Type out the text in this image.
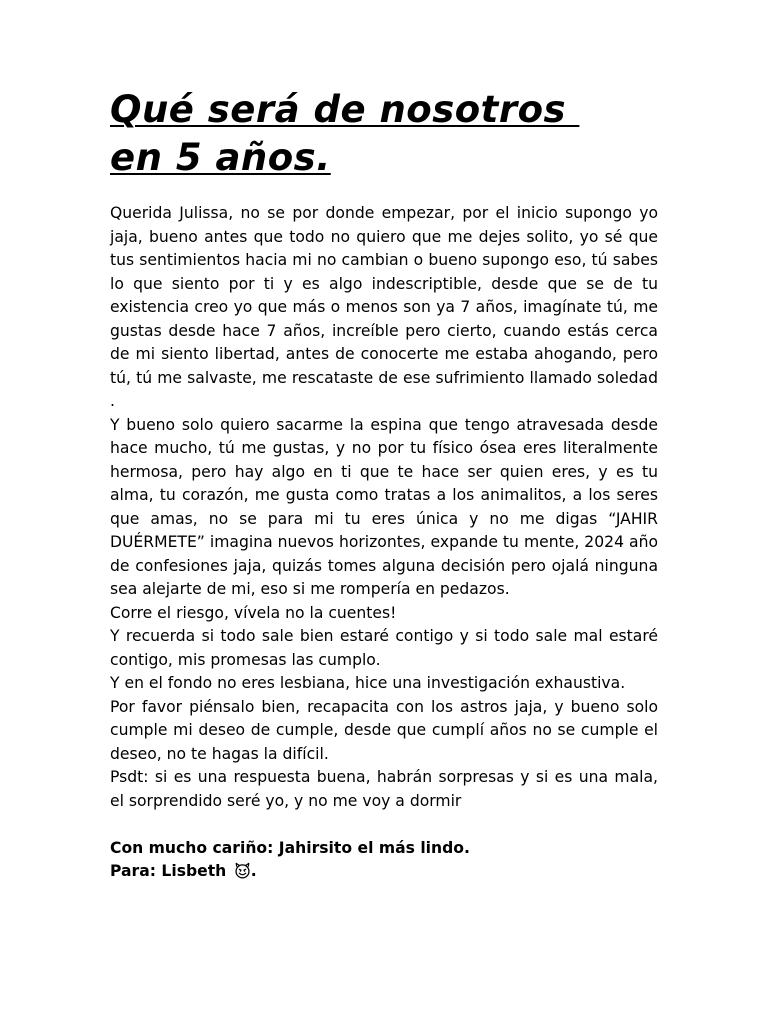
Qué será de nosotros
en 5 años.

Querida Julissa, no se por donde empezar, por el inicio supongo yo jaja, bueno antes que todo no quiero que me dejes solito, yo sé que tus sentimientos hacia mi no cambian o bueno supongo eso, tú sabes lo que siento por ti y es algo indescriptible, desde que se de tu existencia creo yo que más o menos son ya 7 años, imagínate tú, me gustas desde hace 7 años, increíble pero cierto, cuando estás cerca de mi siento libertad, antes de conocerte me estaba ahogando, pero tú, tú me salvaste, me rescataste de ese sufrimiento llamado soledad .

Y bueno solo quiero sacarme la espina que tengo atravesada desde hace mucho, tú me gustas, y no por tu físico ósea eres literalmente hermosa, pero hay algo en ti que te hace ser quien eres, y es tu alma, tu corazón, me gusta como tratas a los animalitos, a los seres que amas, no se para mi tu eres única y no me digas “JAHIR DUÉRMETE” imagina nuevos horizontes, expande tu mente, 2024 año de confesiones jaja, quizás tomes alguna decisión pero ojalá ninguna sea alejarte de mi, eso si me rompería en pedazos.

Corre el riesgo, vívela no la cuentes!

Y recuerda si todo sale bien estaré contigo y si todo sale mal estaré contigo, mis promesas las cumplo.

Y en el fondo no eres lesbiana, hice una investigación exhaustiva.

Por favor piénsalo bien, recapacita con los astros jaja, y bueno solo cumple mi deseo de cumple, desde que cumplí años no se cumple el deseo, no te hagas la difícil.

Psdt: si es una respuesta buena, habrán sorpresas y si es una mala, el sorprendido seré yo, y no me voy a dormir

Con mucho cariño: Jahirsito el más lindo.

Para: Lisbeth .
